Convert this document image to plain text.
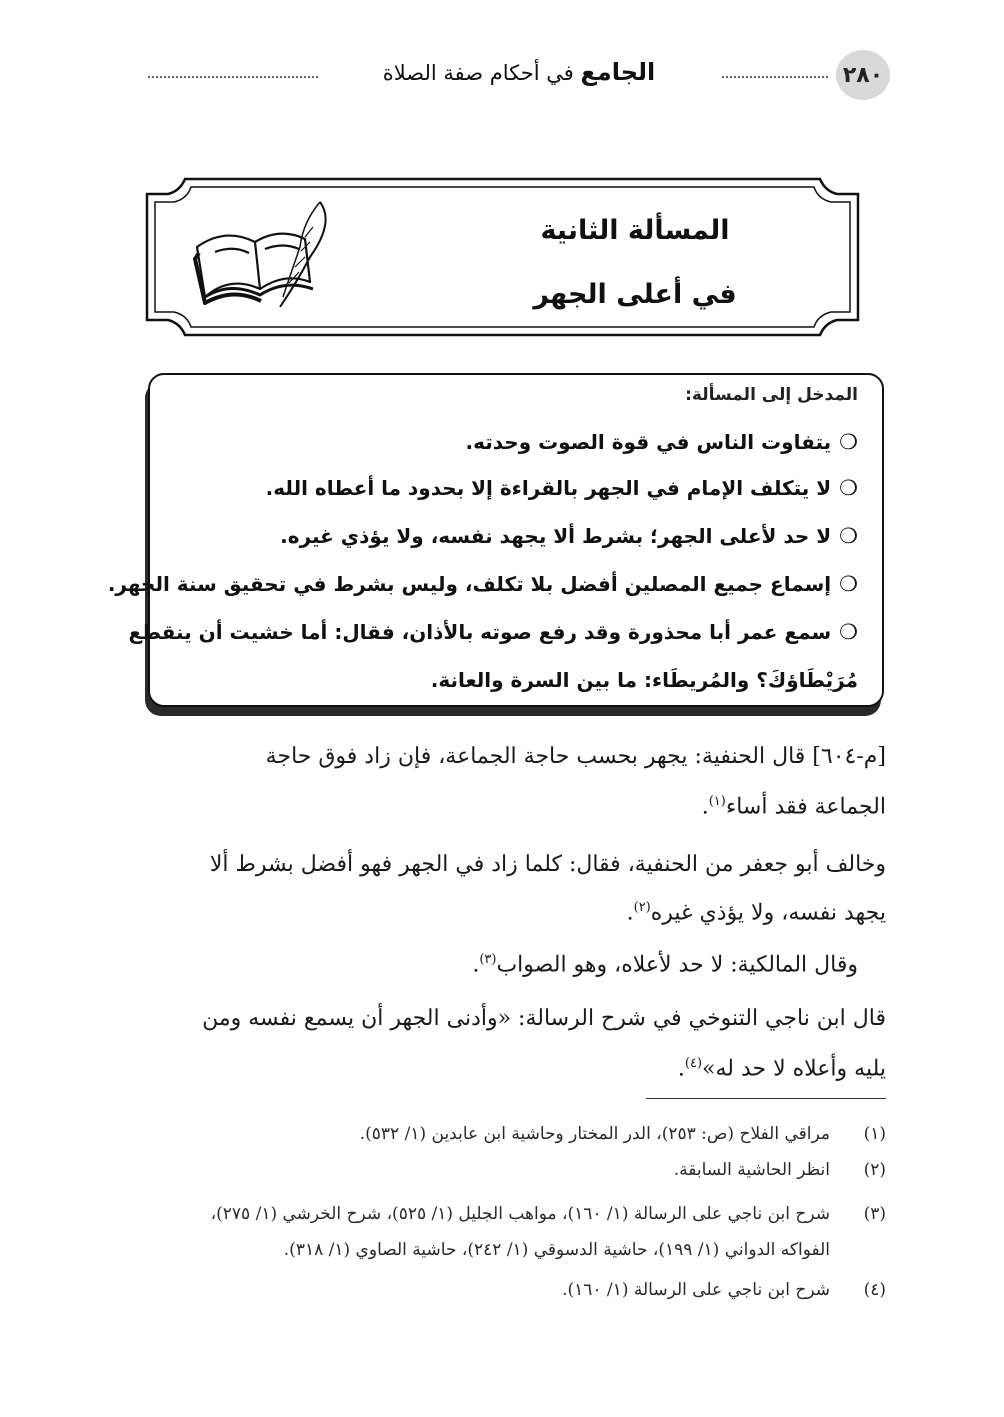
٢٨٠
الجامع في أحكام صفة الصلاة
المسألة الثانية
في أعلى الجهر
المدخل إلى المسألة:
❍يتفاوت الناس في قوة الصوت وحدته.
❍لا يتكلف الإمام في الجهر بالقراءة إلا بحدود ما أعطاه الله.
❍لا حد لأعلى الجهر؛ بشرط ألا يجهد نفسه، ولا يؤذي غيره.
❍إسماع جميع المصلين أفضل بلا تكلف، وليس بشرط في تحقيق سنة الجهر.
❍سمع عمر أبا محذورة وقد رفع صوته بالأذان، فقال: أما خشيت أن ينقطع
مُرَيْطَاؤكَ؟ والمُريطَاء: ما بين السرة والعانة.
[م-٦٠٤] قال الحنفية: يجهر بحسب حاجة الجماعة، فإن زاد فوق حاجة
الجماعة فقد أساء$^{(١)}$.
وخالف أبو جعفر من الحنفية، فقال: كلما زاد في الجهر فهو أفضل بشرط ألا
يجهد نفسه، ولا يؤذي غيره$^{(٢)}$.
وقال المالكية: لا حد لأعلاه، وهو الصواب$^{(٣)}$.
قال ابن ناجي التنوخي في شرح الرسالة: «وأدنى الجهر أن يسمع نفسه ومن
يليه وأعلاه لا حد له»$^{(٤)}$.
(١)مراقي الفلاح (ص: ٢٥٣)، الدر المختار وحاشية ابن عابدين (١/ ٥٣٢).
(٢)انظر الحاشية السابقة.
(٣)شرح ابن ناجي على الرسالة (١/ ١٦٠)، مواهب الجليل (١/ ٥٢٥)، شرح الخرشي (١/ ٢٧٥)،
الفواكه الدواني (١/ ١٩٩)، حاشية الدسوقي (١/ ٢٤٢)، حاشية الصاوي (١/ ٣١٨).
(٤)شرح ابن ناجي على الرسالة (١/ ١٦٠).
